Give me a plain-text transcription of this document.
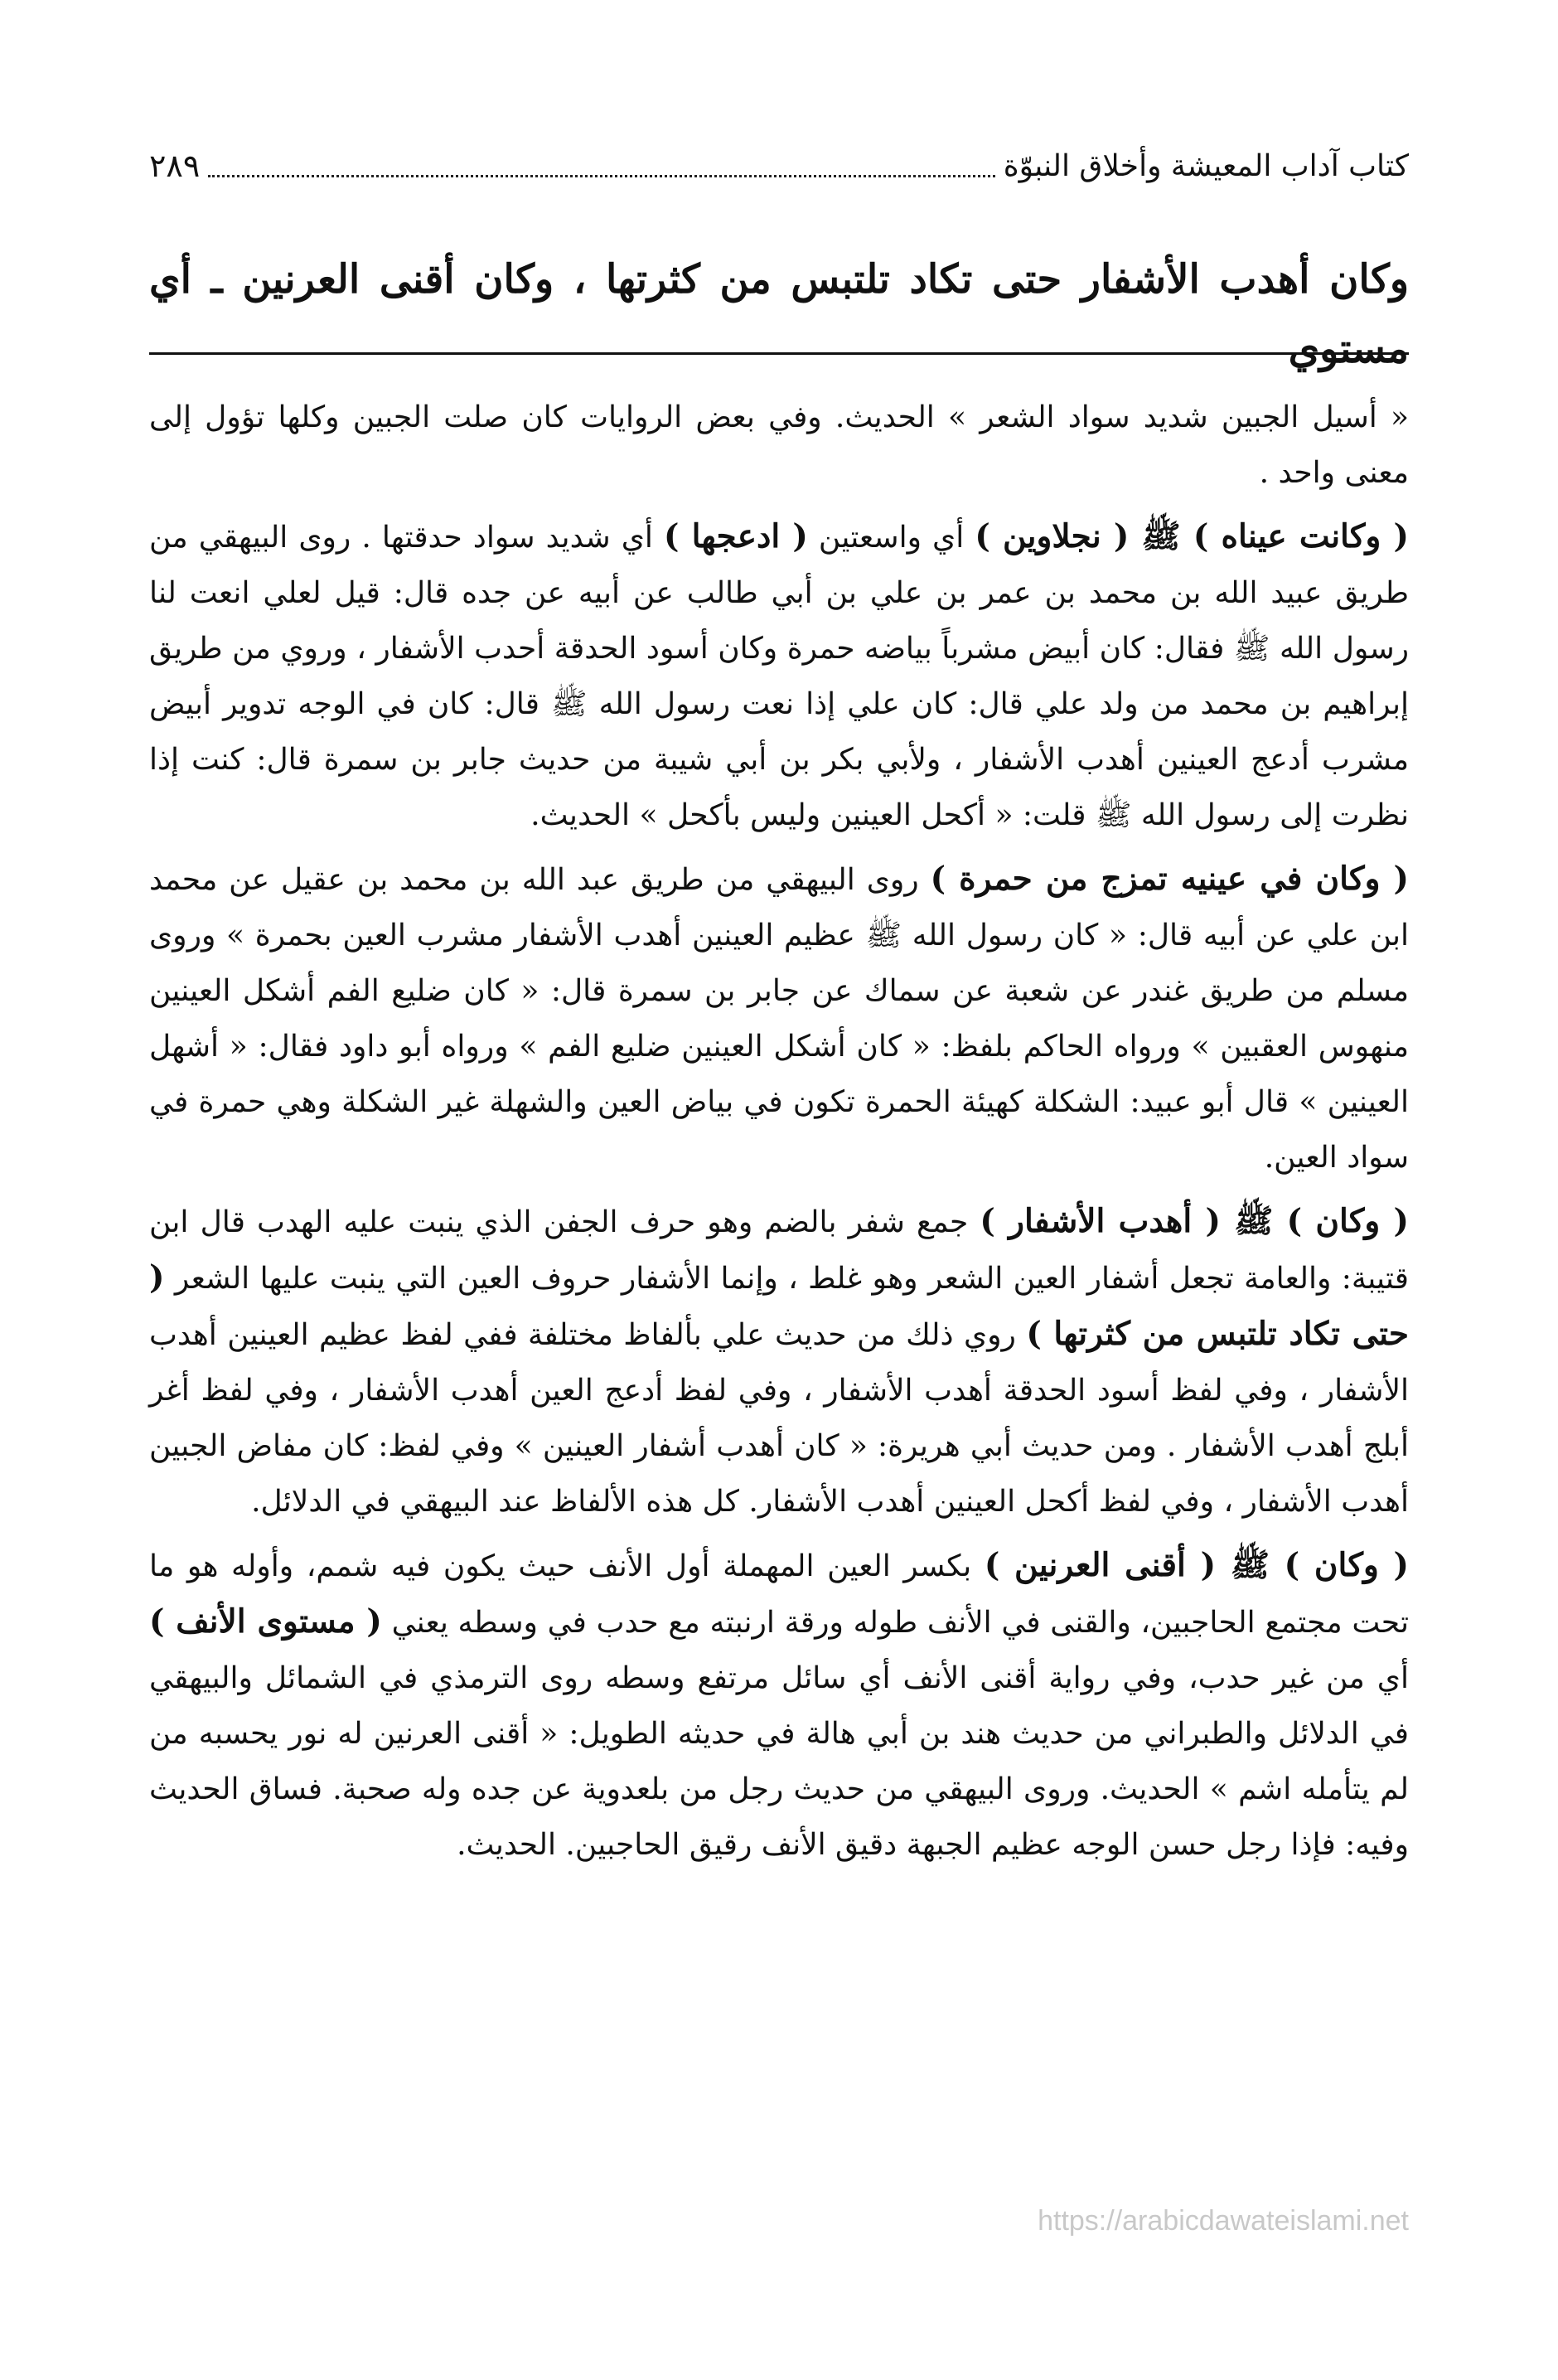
كتاب آداب المعيشة وأخلاق النبوّة
٢٨٩
وكان أهدب الأشفار حتى تكاد تلتبس من كثرتها ، وكان أقنى العرنين ـ أي مستوي

« أسيل الجبين شديد سواد الشعر » الحديث. وفي بعض الروايات كان صلت الجبين وكلها تؤول إلى معنى واحد .

( وكانت عيناه ) ﷺ ( نجلاوين ) أي واسعتين ( ادعجها ) أي شديد سواد حدقتها . روى البيهقي من طريق عبيد الله بن محمد بن عمر بن علي بن أبي طالب عن أبيه عن جده قال: قيل لعلي انعت لنا رسول الله ﷺ فقال: كان أبيض مشرباً بياضه حمرة وكان أسود الحدقة أحدب الأشفار ، وروي من طريق إبراهيم بن محمد من ولد علي قال: كان علي إذا نعت رسول الله ﷺ قال: كان في الوجه تدوير أبيض مشرب أدعج العينين أهدب الأشفار ، ولأبي بكر بن أبي شيبة من حديث جابر بن سمرة قال: كنت إذا نظرت إلى رسول الله ﷺ قلت: « أكحل العينين وليس بأكحل » الحديث.

( وكان في عينيه تمزج من حمرة ) روى البيهقي من طريق عبد الله بن محمد بن عقيل عن محمد ابن علي عن أبيه قال: « كان رسول الله ﷺ عظيم العينين أهدب الأشفار مشرب العين بحمرة » وروى مسلم من طريق غندر عن شعبة عن سماك عن جابر بن سمرة قال: « كان ضليع الفم أشكل العينين منهوس العقبين » ورواه الحاكم بلفظ: « كان أشكل العينين ضليع الفم » ورواه أبو داود فقال: « أشهل العينين » قال أبو عبيد: الشكلة كهيئة الحمرة تكون في بياض العين والشهلة غير الشكلة وهي حمرة في سواد العين.

( وكان ) ﷺ ( أهدب الأشفار ) جمع شفر بالضم وهو حرف الجفن الذي ينبت عليه الهدب قال ابن قتيبة: والعامة تجعل أشفار العين الشعر وهو غلط ، وإنما الأشفار حروف العين التي ينبت عليها الشعر ( حتى تكاد تلتبس من كثرتها ) روي ذلك من حديث علي بألفاظ مختلفة ففي لفظ عظيم العينين أهدب الأشفار ، وفي لفظ أسود الحدقة أهدب الأشفار ، وفي لفظ أدعج العين أهدب الأشفار ، وفي لفظ أغر أبلج أهدب الأشفار . ومن حديث أبي هريرة: « كان أهدب أشفار العينين » وفي لفظ: كان مفاض الجبين أهدب الأشفار ، وفي لفظ أكحل العينين أهدب الأشفار. كل هذه الألفاظ عند البيهقي في الدلائل.

( وكان ) ﷺ ( أقنى العرنين ) بكسر العين المهملة أول الأنف حيث يكون فيه شمم، وأوله هو ما تحت مجتمع الحاجبين، والقنى في الأنف طوله ورقة ارنبته مع حدب في وسطه يعني ( مستوى الأنف ) أي من غير حدب، وفي رواية أقنى الأنف أي سائل مرتفع وسطه روى الترمذي في الشمائل والبيهقي في الدلائل والطبراني من حديث هند بن أبي هالة في حديثه الطويل: « أقنى العرنين له نور يحسبه من لم يتأمله اشم » الحديث. وروى البيهقي من حديث رجل من بلعدوية عن جده وله صحبة. فساق الحديث وفيه: فإذا رجل حسن الوجه عظيم الجبهة دقيق الأنف رقيق الحاجبين. الحديث.

https://arabicdawateislami.net
